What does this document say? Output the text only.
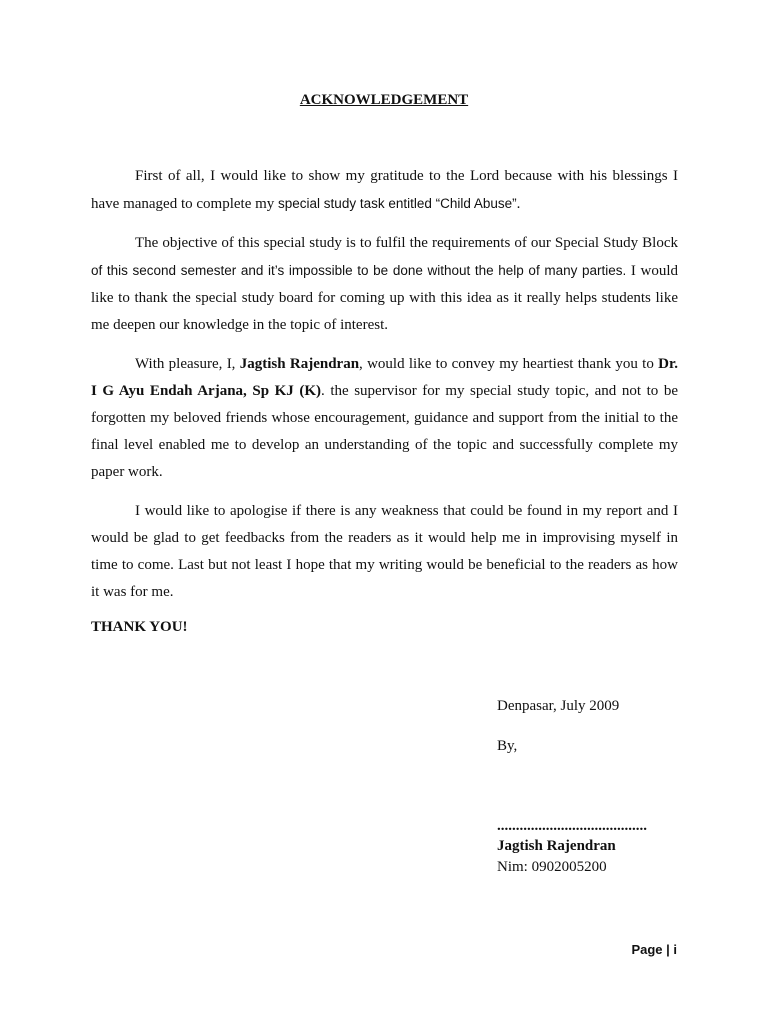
ACKNOWLEDGEMENT

First of all, I would like to show my gratitude to the Lord because with his blessings I have managed to complete my special study task entitled “Child Abuse”.

The objective of this special study is to fulfil the requirements of our Special Study Block of this second semester and it’s impossible to be done without the help of many parties. I would like to thank the special study board for coming up with this idea as it really helps students like me deepen our knowledge in the topic of interest.

With pleasure, I, Jagtish Rajendran, would like to convey my heartiest thank you to Dr. I G Ayu Endah Arjana, Sp KJ (K). the supervisor for my special study topic, and not to be forgotten my beloved friends whose encouragement, guidance and support from the initial to the final level enabled me to develop an understanding of the topic and successfully complete my paper work.

I would like to apologise if there is any weakness that could be found in my report and I would be glad to get feedbacks from the readers as it would help me in improvising myself in time to come. Last but not least I hope that my writing would be beneficial to the readers as how it was for me.

THANK YOU!
Denpasar, July 2009
By,
........................................
Jagtish Rajendran
Nim: 0902005200
Page | i
